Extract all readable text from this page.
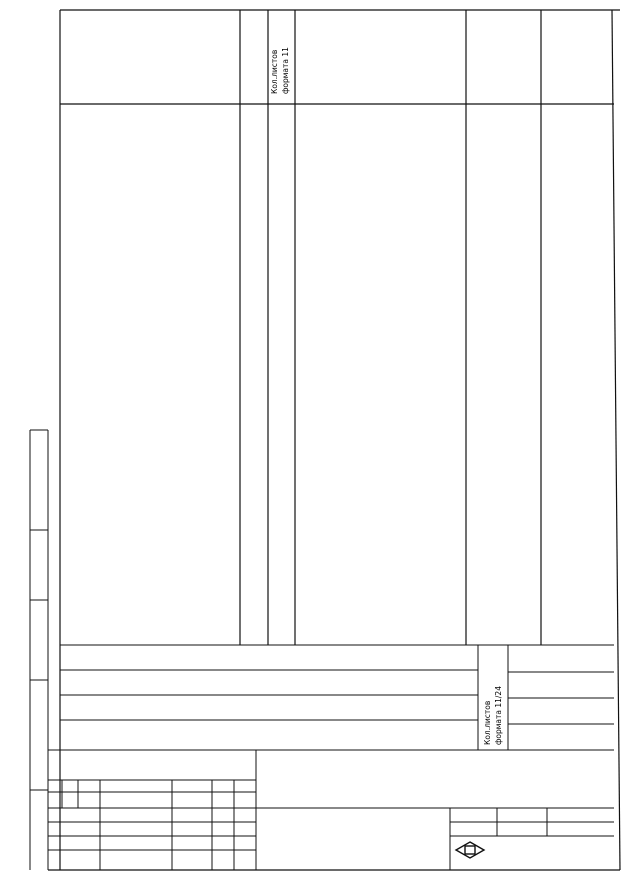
Кол.листов формата 11
Кол.листов формата 11/24
